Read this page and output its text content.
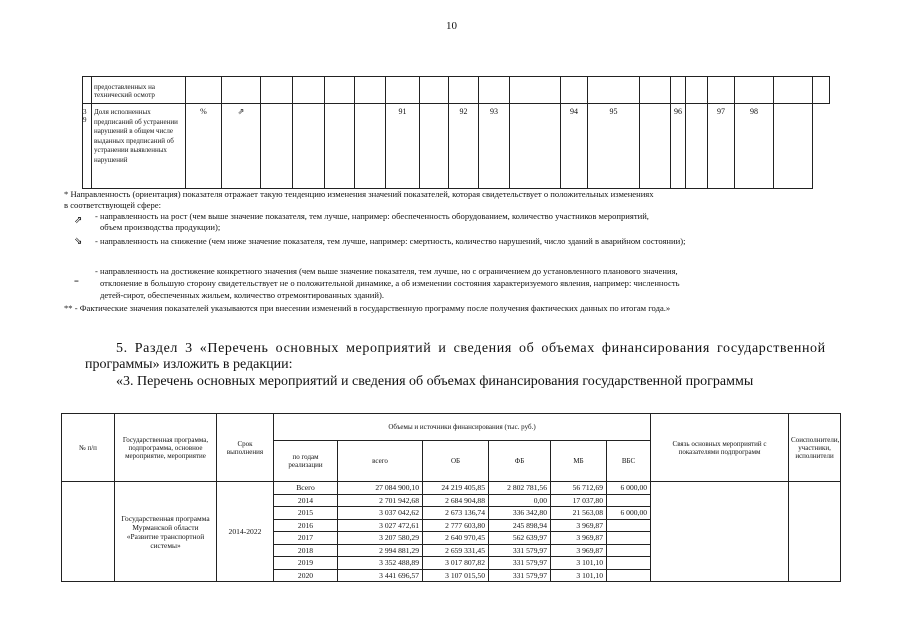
10
	предоставленных на технический осмотр																				
3 9	Доля исполненных предписаний об устранении нарушений в общем числе выданных предписаний об устранении выявленных нарушений	%	⇗					91		92	93		94	95		96		97	98		
* Направленность (ориентация) показателя отражает такую тенденцию изменения значений показателей, которая свидетельствует о положительных изменениях
в соответствующей сфере:
⇗ - направленность на рост (чем выше значение показателя, тем лучше, например: обеспеченность оборудованием, количество участников мероприятий,
объем производства продукции);
⇘ - направленность на снижение (чем ниже значение показателя, тем лучше, например: смертность, количество нарушений, число зданий в аварийном состоянии);
=
- направленность на достижение конкретного значения (чем выше значение показателя, тем лучше, но с ограничением до установленного планового значения,
отклонение в большую сторону свидетельствует не о положительной динамике, а об изменении состояния характеризуемого явления, например: численность
детей-сирот, обеспеченных жильем, количество отремонтированных зданий).
** - Фактические значения показателей указываются при внесении изменений в государственную программу после получения фактических данных по итогам года.»
5. Раздел 3 «Перечень основных мероприятий и сведения об объемах финансирования государственной
программы» изложить в редакции:
«3. Перечень основных мероприятий и сведения об объемах финансирования государственной программы
№ п/п	Государственная программа, подпрограмма, основное мероприятие, мероприятие	Срок выполнения	Объемы и источники финансирования (тыс. руб.)						Связь основных мероприятий с показателями подпрограмм	Соисполнители, участники, исполнители
			по годам реализации	всего	ОБ	ФБ	МБ	ВБС		
	Государственная программа Мурманской области «Развитие транспортной системы»	2014-2022	Всего	27 084 900,10	24 219 405,85	2 802 781,56	56 712,69	6 000,00		
			2014	2 701 942,68	2 684 904,88	0,00	17 037,80			
			2015	3 037 042,62	2 673 136,74	336 342,80	21 563,08	6 000,00		
			2016	3 027 472,61	2 777 603,80	245 898,94	3 969,87			
			2017	3 207 580,29	2 640 970,45	562 639,97	3 969,87			
			2018	2 994 881,29	2 659 331,45	331 579,97	3 969,87			
			2019	3 352 488,89	3 017 807,82	331 579,97	3 101,10			
			2020	3 441 696,57	3 107 015,50	331 579,97	3 101,10			
